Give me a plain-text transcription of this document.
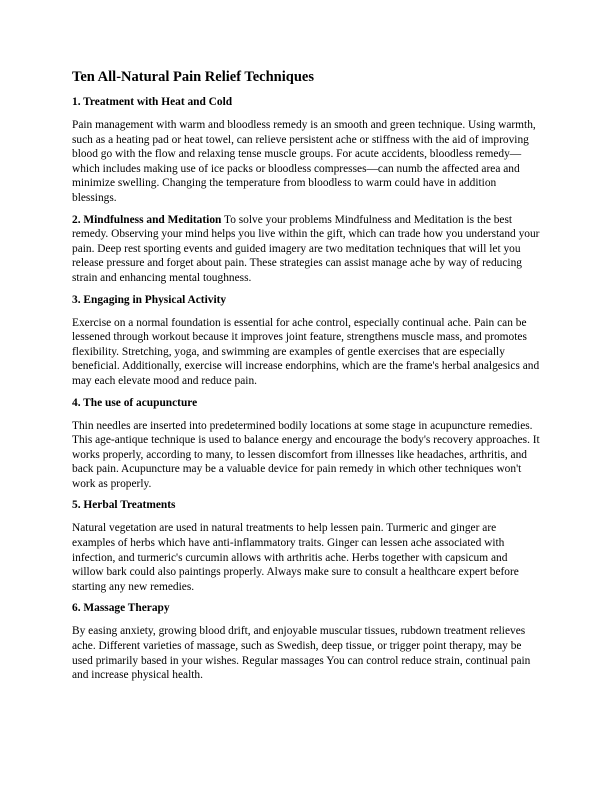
Ten All-Natural Pain Relief Techniques
1. Treatment with Heat and Cold

Pain management with warm and bloodless remedy is an smooth and green technique. Using warmth, such as a heating pad or heat towel, can relieve persistent ache or stiffness with the aid of improving blood go with the flow and relaxing tense muscle groups. For acute accidents, bloodless remedy—which includes making use of ice packs or bloodless compresses—can numb the affected area and minimize swelling. Changing the temperature from bloodless to warm could have in addition blessings.

2. Mindfulness and Meditation To solve your problems Mindfulness and Meditation is the best remedy. Observing your mind helps you live within the gift, which can trade how you understand your pain. Deep rest sporting events and guided imagery are two meditation techniques that will let you release pressure and forget about pain. These strategies can assist manage ache by way of reducing strain and enhancing mental toughness.

3. Engaging in Physical Activity

Exercise on a normal foundation is essential for ache control, especially continual ache. Pain can be lessened through workout because it improves joint feature, strengthens muscle mass, and promotes flexibility. Stretching, yoga, and swimming are examples of gentle exercises that are especially beneficial. Additionally, exercise will increase endorphins, which are the frame's herbal analgesics and may each elevate mood and reduce pain.

4. The use of acupuncture

Thin needles are inserted into predetermined bodily locations at some stage in acupuncture remedies. This age-antique technique is used to balance energy and encourage the body's recovery approaches. It works properly, according to many, to lessen discomfort from illnesses like headaches, arthritis, and back pain. Acupuncture may be a valuable device for pain remedy in which other techniques won't work as properly.

5. Herbal Treatments

Natural vegetation are used in natural treatments to help lessen pain. Turmeric and ginger are examples of herbs which have anti-inflammatory traits. Ginger can lessen ache associated with infection, and turmeric's curcumin allows with arthritis ache. Herbs together with capsicum and willow bark could also paintings properly. Always make sure to consult a healthcare expert before starting any new remedies.

6. Massage Therapy

By easing anxiety, growing blood drift, and enjoyable muscular tissues, rubdown treatment relieves ache. Different varieties of massage, such as Swedish, deep tissue, or trigger point therapy, may be used primarily based in your wishes. Regular massages You can control reduce strain, continual pain and increase physical health.
